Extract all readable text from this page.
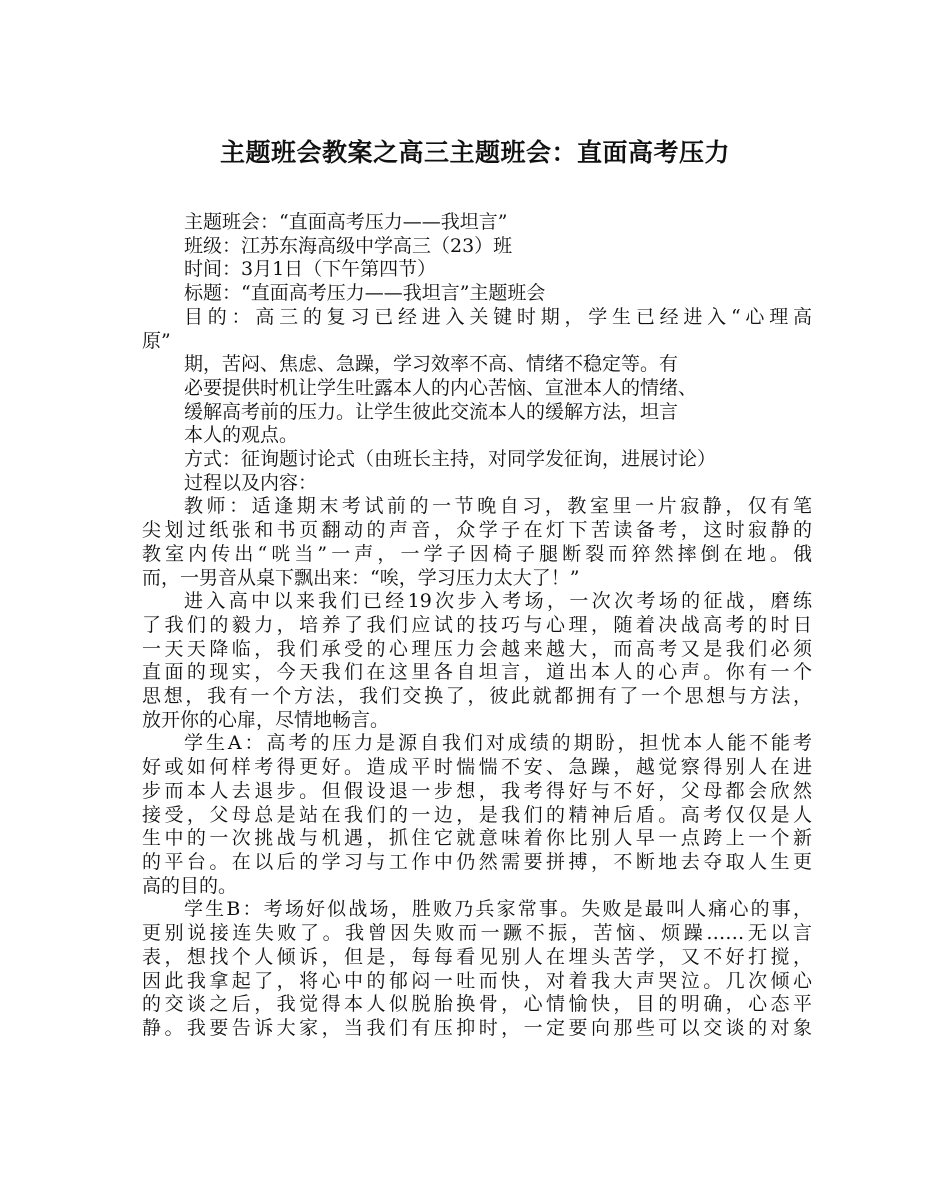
主题班会教案之高三主题班会：直面高考压力
主题班会：“直面高考压力——我坦言”
班级：江苏东海高级中学高三（23）班
时间：3月1日（下午第四节）
标题：“直面高考压力——我坦言”主题班会
目的：高三的复习已经进入关键时期，学生已经进入“心理高
原”
期，苦闷、焦虑、急躁，学习效率不高、情绪不稳定等。有
必要提供时机让学生吐露本人的内心苦恼、宣泄本人的情绪、
缓解高考前的压力。让学生彼此交流本人的缓解方法，坦言
本人的观点。
方式：征询题讨论式（由班长主持，对同学发征询，进展讨论）
过程以及内容：
教师：适逢期末考试前的一节晚自习，教室里一片寂静，仅有笔
尖划过纸张和书页翻动的声音，众学子在灯下苦读备考，这时寂静的
教室内传出“咣当”一声，一学子因椅子腿断裂而猝然摔倒在地。俄
而，一男音从桌下飘出来：“唉，学习压力太大了！”
进入高中以来我们已经19次步入考场，一次次考场的征战，磨练
了我们的毅力，培养了我们应试的技巧与心理，随着决战高考的时日
一天天降临，我们承受的心理压力会越来越大，而高考又是我们必须
直面的现实，今天我们在这里各自坦言，道出本人的心声。你有一个
思想，我有一个方法，我们交换了，彼此就都拥有了一个思想与方法，
放开你的心扉，尽情地畅言。
学生A：高考的压力是源自我们对成绩的期盼，担忧本人能不能考
好或如何样考得更好。造成平时惴惴不安、急躁，越觉察得别人在进
步而本人去退步。但假设退一步想，我考得好与不好，父母都会欣然
接受，父母总是站在我们的一边，是我们的精神后盾。高考仅仅是人
生中的一次挑战与机遇，抓住它就意味着你比别人早一点跨上一个新
的平台。在以后的学习与工作中仍然需要拼搏，不断地去夺取人生更
高的目的。
学生B：考场好似战场，胜败乃兵家常事。失败是最叫人痛心的事，
更别说接连失败了。我曾因失败而一蹶不振，苦恼、烦躁……无以言
表，想找个人倾诉，但是，每每看见别人在埋头苦学，又不好打搅，
因此我拿起了，将心中的郁闷一吐而快，对着我大声哭泣。几次倾心
的交谈之后，我觉得本人似脱胎换骨，心情愉快，目的明确，心态平
静。我要告诉大家，当我们有压抑时，一定要向那些可以交谈的对象
